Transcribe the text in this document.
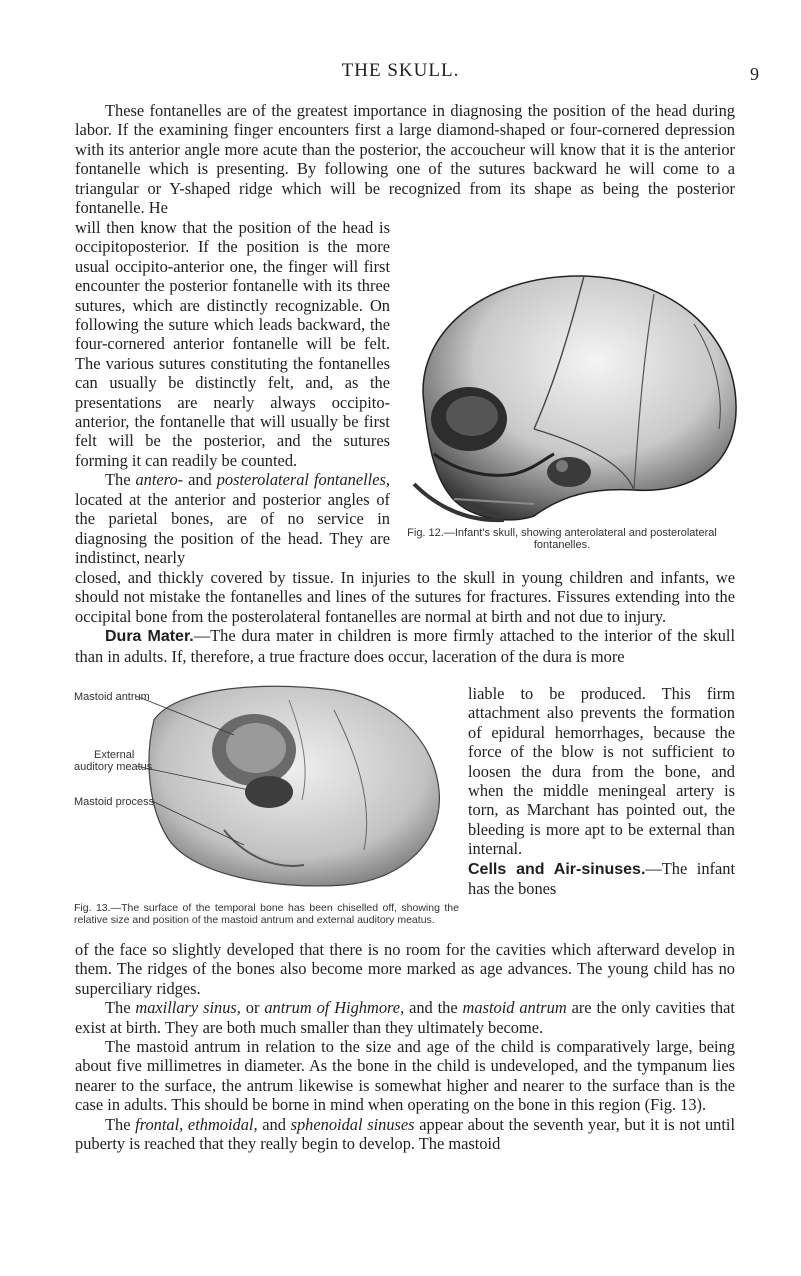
THE SKULL.	9
Fig. 12.—Infant's skull, showing anterolateral and posterolateral fontanelles.
Mastoid antrum
External
auditory meatus
Mastoid process
Fig. 13.—The surface of the temporal bone has been chiselled off, showing the relative size and position of the mastoid antrum and external auditory meatus.

These fontanelles are of the greatest importance in diagnosing the position of the head during labor. If the examining finger encounters first a large diamond-shaped or four-cornered depression with its anterior angle more acute than the posterior, the accoucheur will know that it is the anterior fontanelle which is presenting. By following one of the sutures backward he will come to a triangular or Y-shaped ridge which will be recognized from its shape as being the posterior fontanelle. He

will then know that the position of the head is occipitoposterior. If the position is the more usual occipito-anterior one, the finger will first encounter the posterior fontanelle with its three sutures, which are distinctly recognizable. On following the suture which leads backward, the four-cornered anterior fontanelle will be felt. The various sutures constituting the fontanelles can usually be distinctly felt, and, as the presentations are nearly always occipito-anterior, the fontanelle that will usually be first felt will be the posterior, and the sutures forming it can readily be counted.

The antero- and posterolateral fontanelles, located at the anterior and posterior angles of the parietal bones, are of no service in diagnosing the position of the head. They are indistinct, nearly

closed, and thickly covered by tissue. In injuries to the skull in young children and infants, we should not mistake the fontanelles and lines of the sutures for fractures. Fissures extending into the occipital bone from the posterolateral fontanelles are normal at birth and not due to injury.

Dura Mater.—The dura mater in children is more firmly attached to the interior of the skull than in adults. If, therefore, a true fracture does occur, laceration of the dura is more

liable to be produced. This firm attachment also prevents the formation of epidural hemorrhages, because the force of the blow is not sufficient to loosen the dura from the bone, and when the middle meningeal artery is torn, as Marchant has pointed out, the bleeding is more apt to be external than internal.

Cells and Air-sinuses.—The infant has the bones

of the face so slightly developed that there is no room for the cavities which afterward develop in them. The ridges of the bones also become more marked as age advances. The young child has no superciliary ridges.

The maxillary sinus, or antrum of Highmore, and the mastoid antrum are the only cavities that exist at birth. They are both much smaller than they ultimately become.

The mastoid antrum in relation to the size and age of the child is comparatively large, being about five millimetres in diameter. As the bone in the child is undeveloped, and the tympanum lies nearer to the surface, the antrum likewise is somewhat higher and nearer to the surface than is the case in adults. This should be borne in mind when operating on the bone in this region (Fig. 13).

The frontal, ethmoidal, and sphenoidal sinuses appear about the seventh year, but it is not until puberty is reached that they really begin to develop. The mastoid
